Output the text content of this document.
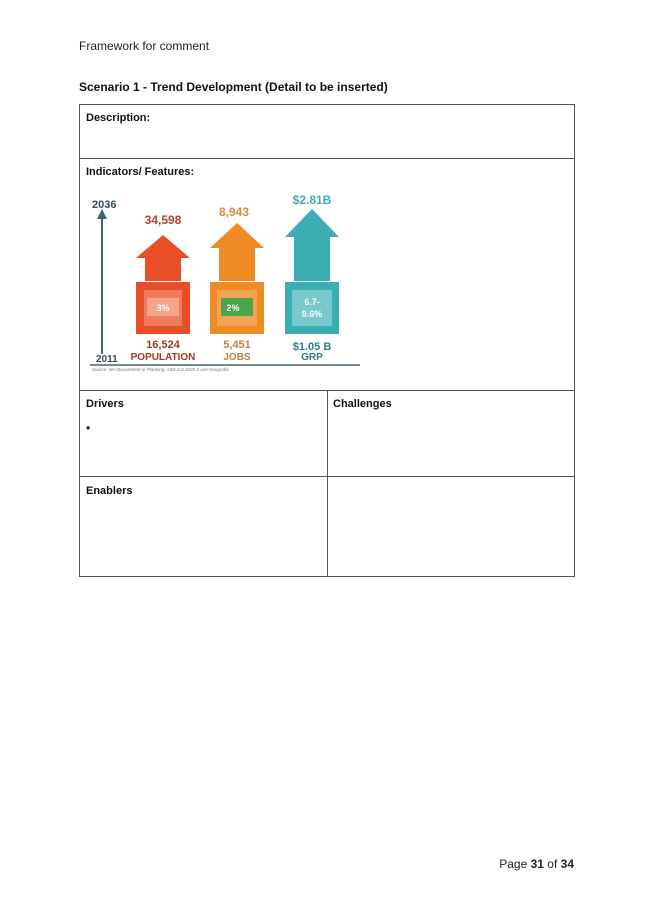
Framework for comment
Scenario 1 - Trend Development (Detail to be inserted)
Description:
Indicators/ Features:
2036
2011
34,598
3%
16,524
POPULATION
8,943
2%
5,451
JOBS
$2.81B
6.7-
9.6%
$1.05 B
GRP
Source: WA Department of Planning, ABS Cat 5220.0 and Geografia
Drivers
•
Challenges
Enablers
Page 31 of 34
